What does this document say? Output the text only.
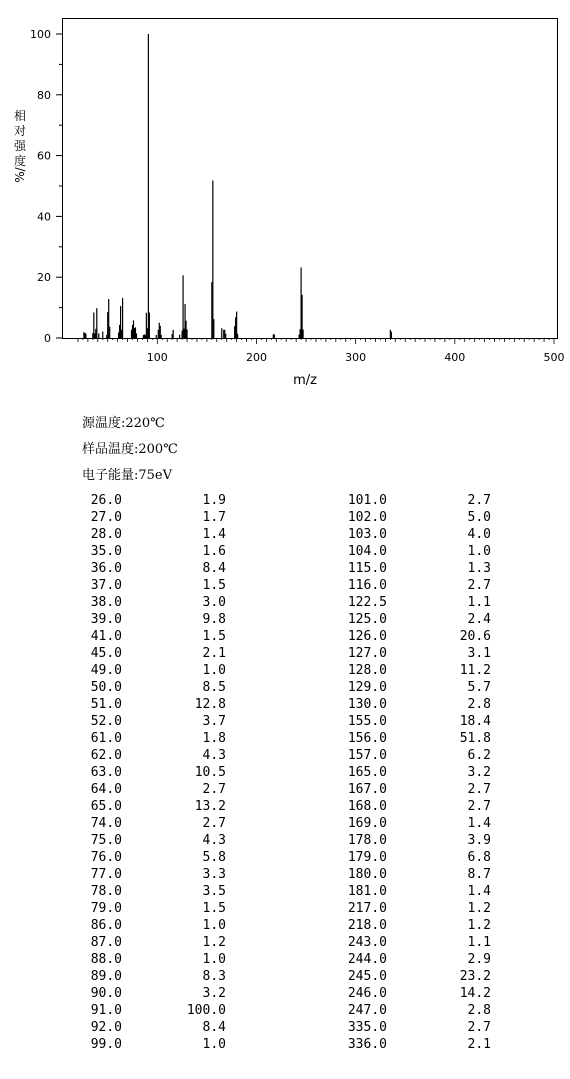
0
20
40
60
80
100
100	200	300	400	500
相
对
强
度
%/
m/z
源温度:220℃
样品温度:200℃
电子能量:75eV
26.0	1.9
27.0	1.7
28.0	1.4
35.0	1.6
36.0	8.4
37.0	1.5
38.0	3.0
39.0	9.8
41.0	1.5
45.0	2.1
49.0	1.0
50.0	8.5
51.0	12.8
52.0	3.7
61.0	1.8
62.0	4.3
63.0	10.5
64.0	2.7
65.0	13.2
74.0	2.7
75.0	4.3
76.0	5.8
77.0	3.3
78.0	3.5
79.0	1.5
86.0	1.0
87.0	1.2
88.0	1.0
89.0	8.3
90.0	3.2
91.0	100.0
92.0	8.4
99.0	1.0
101.0	2.7
102.0	5.0
103.0	4.0
104.0	1.0
115.0	1.3
116.0	2.7
122.5	1.1
125.0	2.4
126.0	20.6
127.0	3.1
128.0	11.2
129.0	5.7
130.0	2.8
155.0	18.4
156.0	51.8
157.0	6.2
165.0	3.2
167.0	2.7
168.0	2.7
169.0	1.4
178.0	3.9
179.0	6.8
180.0	8.7
181.0	1.4
217.0	1.2
218.0	1.2
243.0	1.1
244.0	2.9
245.0	23.2
246.0	14.2
247.0	2.8
335.0	2.7
336.0	2.1
